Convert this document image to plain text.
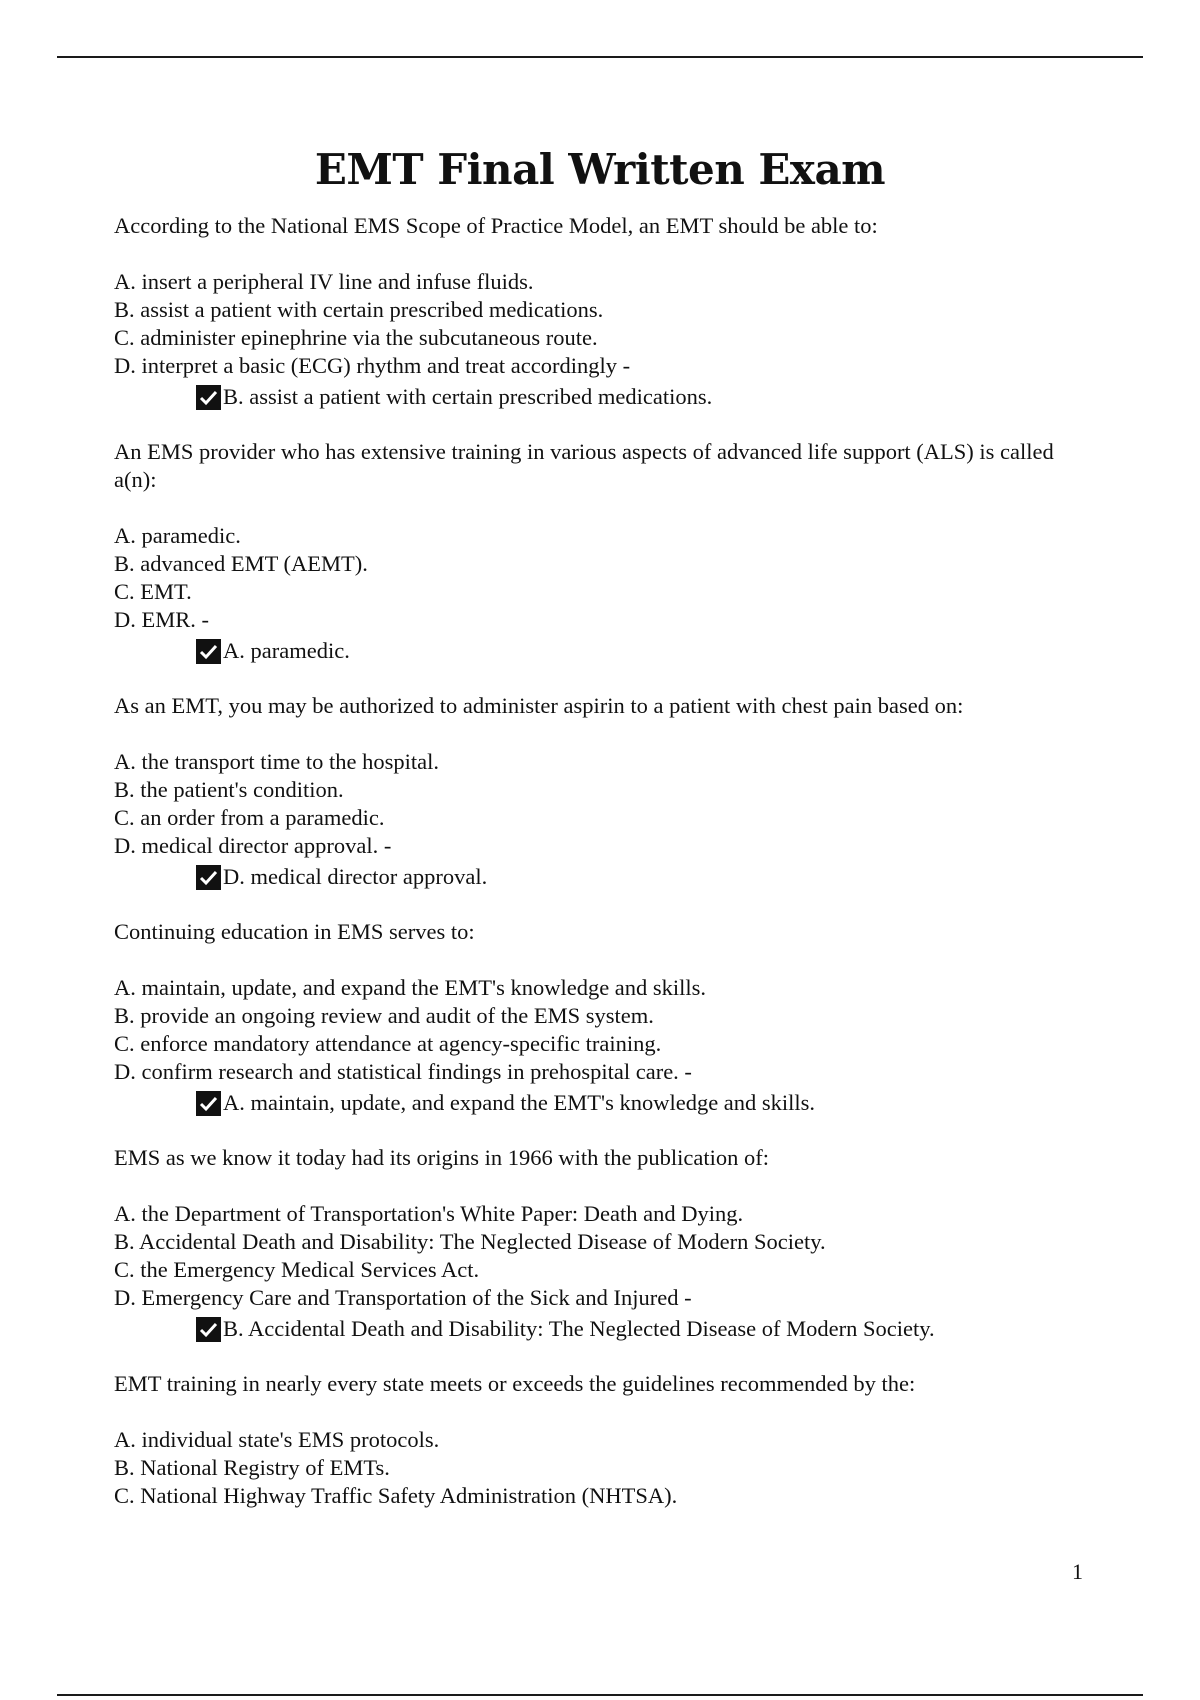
EMT Final Written Exam

According to the National EMS Scope of Practice Model, an EMT should be able to:

A. insert a peripheral IV line and infuse fluids.
B. assist a patient with certain prescribed medications.
C. administer epinephrine via the subcutaneous route.
D. interpret a basic (ECG) rhythm and treat accordingly -
B. assist a patient with certain prescribed medications.

An EMS provider who has extensive training in various aspects of advanced life support (ALS) is called a(n):

A. paramedic.
B. advanced EMT (AEMT).
C. EMT.
D. EMR. -
A. paramedic.

As an EMT, you may be authorized to administer aspirin to a patient with chest pain based on:

A. the transport time to the hospital.
B. the patient's condition.
C. an order from a paramedic.
D. medical director approval. -
D. medical director approval.

Continuing education in EMS serves to:

A. maintain, update, and expand the EMT's knowledge and skills.
B. provide an ongoing review and audit of the EMS system.
C. enforce mandatory attendance at agency-specific training.
D. confirm research and statistical findings in prehospital care. -
A. maintain, update, and expand the EMT's knowledge and skills.

EMS as we know it today had its origins in 1966 with the publication of:

A. the Department of Transportation's White Paper: Death and Dying.
B. Accidental Death and Disability: The Neglected Disease of Modern Society.
C. the Emergency Medical Services Act.
D. Emergency Care and Transportation of the Sick and Injured -
B. Accidental Death and Disability: The Neglected Disease of Modern Society.

EMT training in nearly every state meets or exceeds the guidelines recommended by the:

A. individual state's EMS protocols.
B. National Registry of EMTs.
C. National Highway Traffic Safety Administration (NHTSA).
1
